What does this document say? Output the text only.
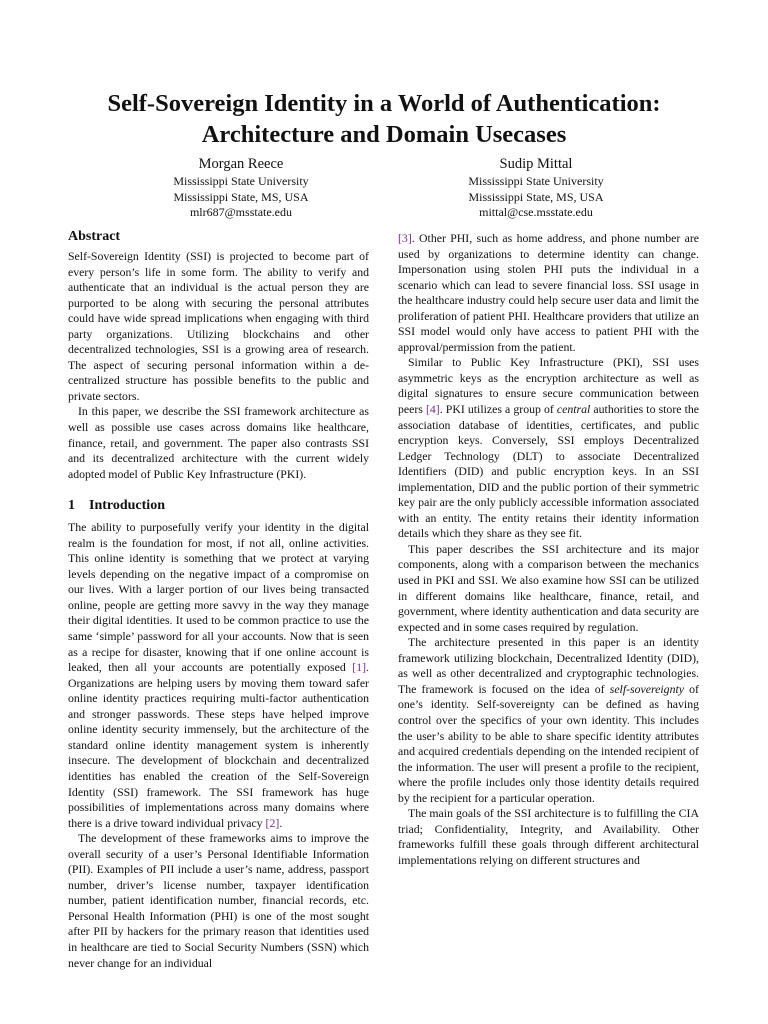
Self-Sovereign Identity in a World of Authentication:
Architecture and Domain Usecases
Morgan Reece
Mississippi State University
Mississippi State, MS, USA
mlr687@msstate.edu
Sudip Mittal
Mississippi State University
Mississippi State, MS, USA
mittal@cse.msstate.edu
Abstract

Self-Sovereign Identity (SSI) is projected to become part of every person’s life in some form. The ability to verify and authenticate that an individual is the actual person they are purported to be along with securing the personal attributes could have wide spread implications when engaging with third party organizations. Utilizing blockchains and other decentralized technologies, SSI is a growing area of research. The aspect of securing personal information within a de-centralized structure has possible benefits to the public and private sectors.

In this paper, we describe the SSI framework architecture as well as possible use cases across domains like healthcare, finance, retail, and government. The paper also contrasts SSI and its decentralized architecture with the current widely adopted model of Public Key Infrastructure (PKI).

1 Introduction

The ability to purposefully verify your identity in the digital realm is the foundation for most, if not all, online activities. This online identity is something that we protect at varying levels depending on the negative impact of a compromise on our lives. With a larger portion of our lives being transacted online, people are getting more savvy in the way they manage their digital identities. It used to be common practice to use the same ‘simple’ password for all your accounts. Now that is seen as a recipe for disaster, knowing that if one online account is leaked, then all your accounts are potentially exposed [1]. Organizations are helping users by moving them toward safer online identity practices requiring multi-factor authentication and stronger passwords. These steps have helped improve online identity security immensely, but the architecture of the standard online identity management system is inherently insecure. The development of blockchain and decentralized identities has enabled the creation of the Self-Sovereign Identity (SSI) framework. The SSI framework has huge possibilities of implementations across many domains where there is a drive toward individual privacy [2].

The development of these frameworks aims to improve the overall security of a user’s Personal Identifiable Information (PII). Examples of PII include a user’s name, address, passport number, driver’s license number, taxpayer identification number, patient identification number, financial records, etc. Personal Health Information (PHI) is one of the most sought after PII by hackers for the primary reason that identities used in healthcare are tied to Social Security Numbers (SSN) which never change for an individual

[3]. Other PHI, such as home address, and phone number are used by organizations to determine identity can change. Impersonation using stolen PHI puts the individual in a scenario which can lead to severe financial loss. SSI usage in the healthcare industry could help secure user data and limit the proliferation of patient PHI. Healthcare providers that utilize an SSI model would only have access to patient PHI with the approval/permission from the patient.

Similar to Public Key Infrastructure (PKI), SSI uses asymmetric keys as the encryption architecture as well as digital signatures to ensure secure communication between peers [4]. PKI utilizes a group of central authorities to store the association database of identities, certificates, and public encryption keys. Conversely, SSI employs Decentralized Ledger Technology (DLT) to associate Decentralized Identifiers (DID) and public encryption keys. In an SSI implementation, DID and the public portion of their symmetric key pair are the only publicly accessible information associated with an entity. The entity retains their identity information details which they share as they see fit.

This paper describes the SSI architecture and its major components, along with a comparison between the mechanics used in PKI and SSI. We also examine how SSI can be utilized in different domains like healthcare, finance, retail, and government, where identity authentication and data security are expected and in some cases required by regulation.

The architecture presented in this paper is an identity framework utilizing blockchain, Decentralized Identity (DID), as well as other decentralized and cryptographic technologies. The framework is focused on the idea of self-sovereignty of one’s identity. Self-sovereignty can be defined as having control over the specifics of your own identity. This includes the user’s ability to be able to share specific identity attributes and acquired credentials depending on the intended recipient of the information. The user will present a profile to the recipient, where the profile includes only those identity details required by the recipient for a particular operation.

The main goals of the SSI architecture is to fulfilling the CIA triad; Confidentiality, Integrity, and Availability. Other frameworks fulfill these goals through different architectural implementations relying on different structures and
